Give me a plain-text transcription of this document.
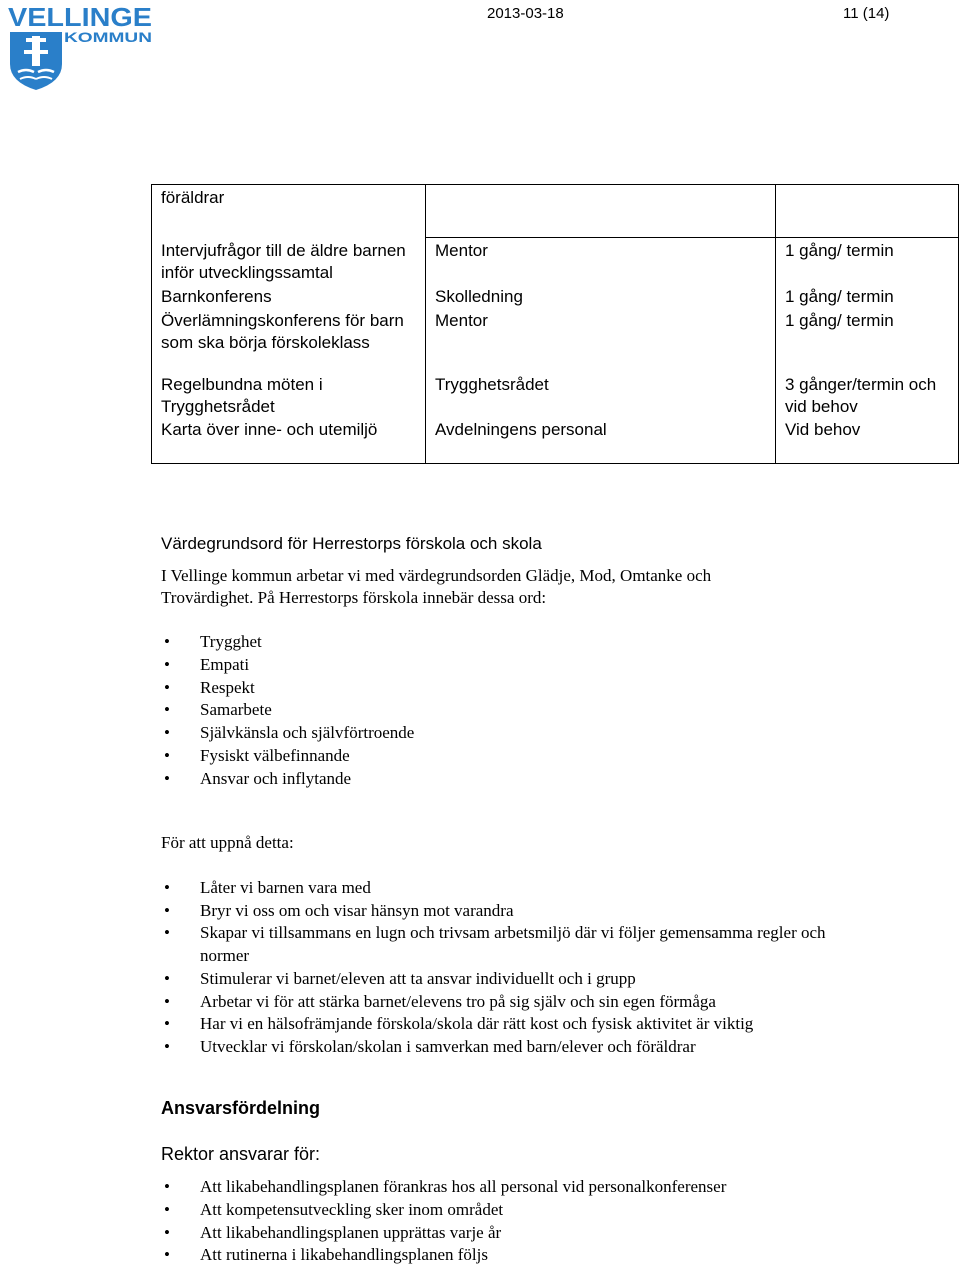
VELLINGE
KOMMUN
2013-03-18	11 (14)
föräldrar		
Intervjufrågor till de äldre barnen inför utvecklingssamtal	Mentor	1 gång/ termin
Barnkonferens	Skolledning	1 gång/ termin
Överlämningskonferens för barn som ska börja förskoleklass	Mentor	1 gång/ termin
Regelbundna möten i Trygghetsrådet	Trygghetsrådet	3 gånger/termin och vid behov
Karta över inne- och utemiljö	Avdelningens personal	Vid behov
Värdegrundsord för Herrestorps förskola och skola
I Vellinge kommun arbetar vi med värdegrundsorden Glädje, Mod, Omtanke och Trovärdighet. På Herrestorps förskola innebär dessa ord:
• Trygghet
• Empati
• Respekt
• Samarbete
• Självkänsla och självförtroende
• Fysiskt välbefinnande
• Ansvar och inflytande
För att uppnå detta:
• Låter vi barnen vara med
• Bryr vi oss om och visar hänsyn mot varandra
• Skapar vi tillsammans en lugn och trivsam arbetsmiljö där vi följer gemensamma regler och normer
• Stimulerar vi barnet/eleven att ta ansvar individuellt och i grupp
• Arbetar vi för att stärka barnet/elevens tro på sig själv och sin egen förmåga
• Har vi en hälsofrämjande förskola/skola där rätt kost och fysisk aktivitet är viktig
• Utvecklar vi förskolan/skolan i samverkan med barn/elever och föräldrar
Ansvarsfördelning
Rektor ansvarar för:
• Att likabehandlingsplanen förankras hos all personal vid personalkonferenser
• Att kompetensutveckling sker inom området
• Att likabehandlingsplanen upprättas varje år
• Att rutinerna i likabehandlingsplanen följs
